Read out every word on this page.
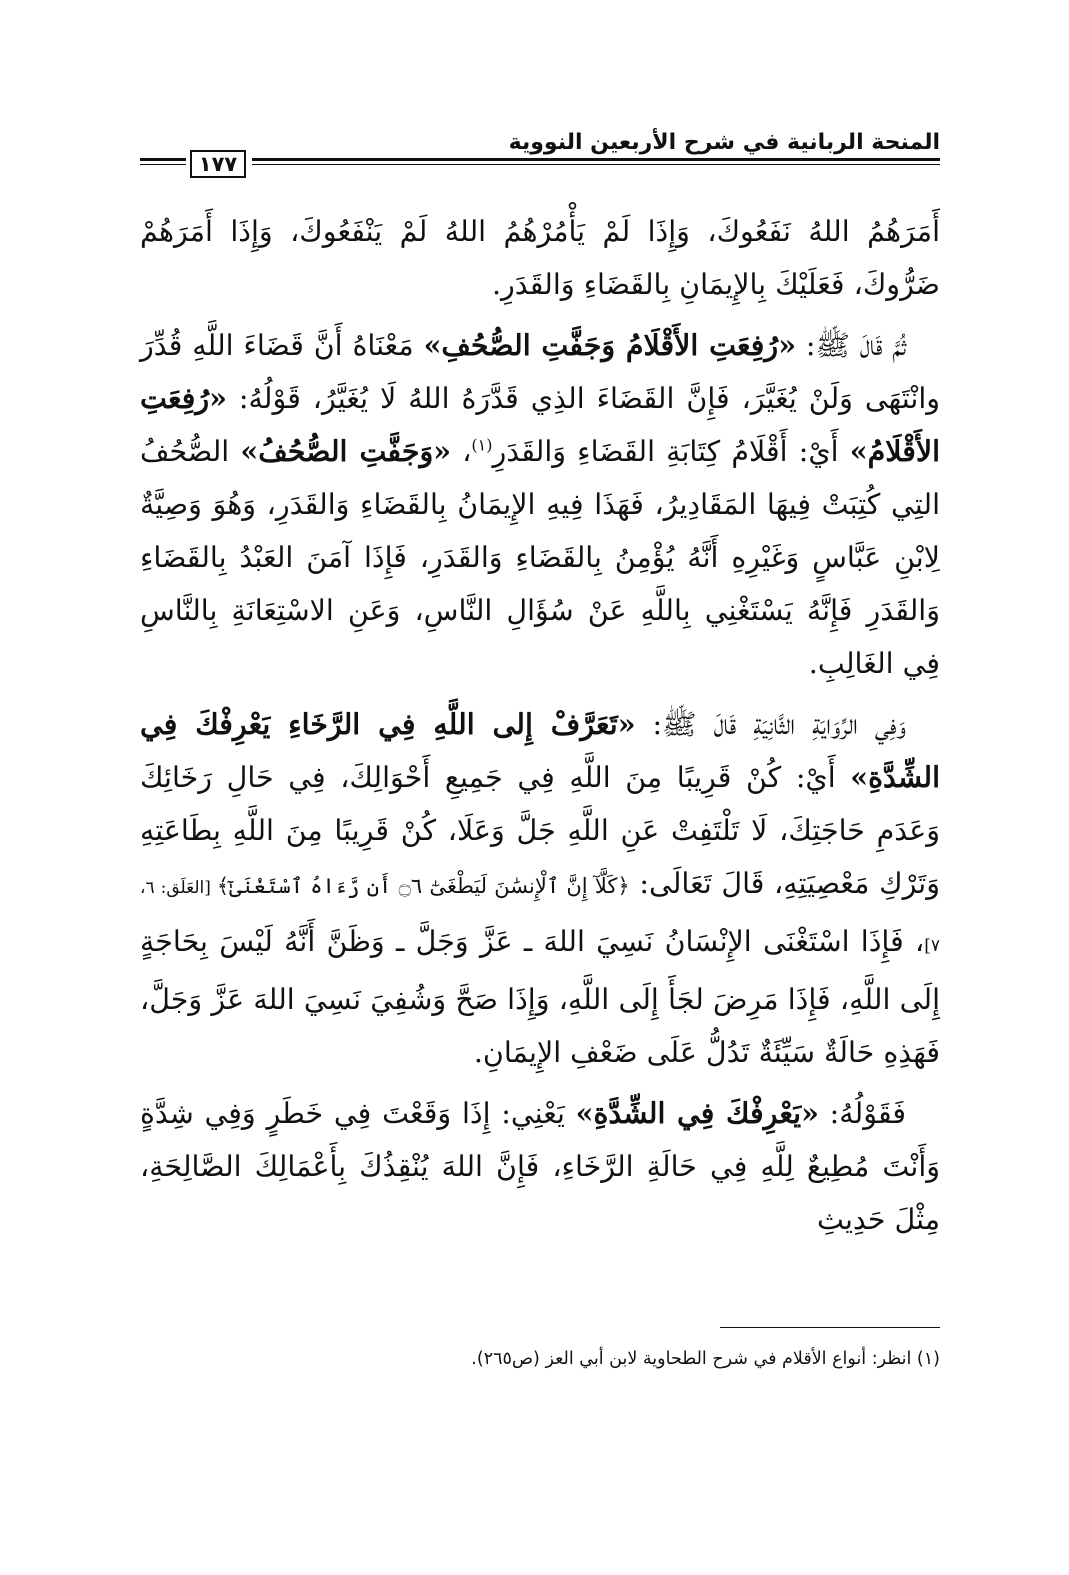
١٧٧
المنحة الربانية في شرح الأربعين النووية

أَمَرَهُمُ اللهُ نَفَعُوكَ، وَإِذَا لَمْ يَأْمُرْهُمُ اللهُ لَمْ يَنْفَعُوكَ، وَإِذَا أَمَرَهُمْ ضَرُّوكَ، فَعَلَيْكَ بِالإِيمَانِ بِالقَضَاءِ وَالقَدَرِ.

ثُمَّ قَالَ ﷺ: «رُفِعَتِ الأَقْلَامُ وَجَفَّتِ الصُّحُفِ» مَعْنَاهُ أَنَّ قَضَاءَ اللَّهِ قُدِّرَ وانْتَهَى وَلَنْ يُغَيَّرَ، فَإِنَّ القَضَاءَ الذِي قَدَّرَهُ اللهُ لَا يُغَيَّرُ، قَوْلُهُ: «رُفِعَتِ الأَقْلَامُ» أَيْ: أَقْلَامُ كِتَابَةِ القَضَاءِ وَالقَدَرِ$^{(١)}$، «وَجَفَّتِ الصُّحُفُ» الصُّحُفُ التِي كُتِبَتْ فِيهَا المَقَادِيرُ، فَهَذَا فِيهِ الإِيمَانُ بِالقَضَاءِ وَالقَدَرِ، وَهُوَ وَصِيَّةٌ لِابْنِ عَبَّاسٍ وَغَيْرِهِ أَنَّهُ يُؤْمِنُ بِالقَضَاءِ وَالقَدَرِ، فَإِذَا آمَنَ العَبْدُ بِالقَضَاءِ وَالقَدَرِ فَإِنَّهُ يَسْتَغْنِي بِاللَّهِ عَنْ سُؤَالِ النَّاسِ، وَعَنِ الاسْتِعَانَةِ بِالنَّاسِ فِي الغَالِبِ.

وَفِي الرِّوَايَةِ الثَّانِيَةِ قَالَ ﷺ: «تَعَرَّفْ إِلى اللَّهِ فِي الرَّخَاءِ يَعْرِفْكَ فِي الشِّدَّةِ» أَيْ: كُنْ قَرِيبًا مِنَ اللَّهِ فِي جَمِيعِ أَحْوَالِكَ، فِي حَالِ رَخَائِكَ وَعَدَمِ حَاجَتِكَ، لَا تَلْتَفِتْ عَنِ اللَّهِ جَلَّ وَعَلَا، كُنْ قَرِيبًا مِنَ اللَّهِ بِطَاعَتِهِ وَتَرْكِ مَعْصِيَتِهِ، قَالَ تَعَالَى: ﴿كَلَّآ إِنَّ ٱلْإِنسَٰنَ لَيَطْغَىٰٓ ۝٦ أَن رَّءَاهُ ٱسْتَغْنَىٰٓ﴾ [العَلَق: ٦، ٧]، فَإِذَا اسْتَغْنَى الإِنْسَانُ نَسِيَ اللهَ ـ عَزَّ وَجَلَّ ـ وَظَنَّ أَنَّهُ لَيْسَ بِحَاجَةٍ إِلَى اللَّهِ، فَإِذَا مَرِضَ لجَأَ إِلَى اللَّهِ، وَإِذَا صَحَّ وَشُفِيَ نَسِيَ اللهَ عَزَّ وَجَلَّ، فَهَذِهِ حَالَةٌ سَيِّئَةٌ تَدُلُّ عَلَى ضَعْفِ الإِيمَانِ.

فَقَوْلُهُ: «يَعْرِفْكَ فِي الشِّدَّةِ» يَعْنِي: إِذَا وَقَعْتَ فِي خَطَرٍ وَفِي شِدَّةٍ وَأَنْتَ مُطِيعٌ لِلَّهِ فِي حَالَةِ الرَّخَاءِ، فَإِنَّ اللهَ يُنْقِذُكَ بِأَعْمَالِكَ الصَّالِحَةِ، مِثْلَ حَدِيثِ

(١) انظر: أنواع الأقلام في شرح الطحاوية لابن أبي العز (ص٢٦٥).
